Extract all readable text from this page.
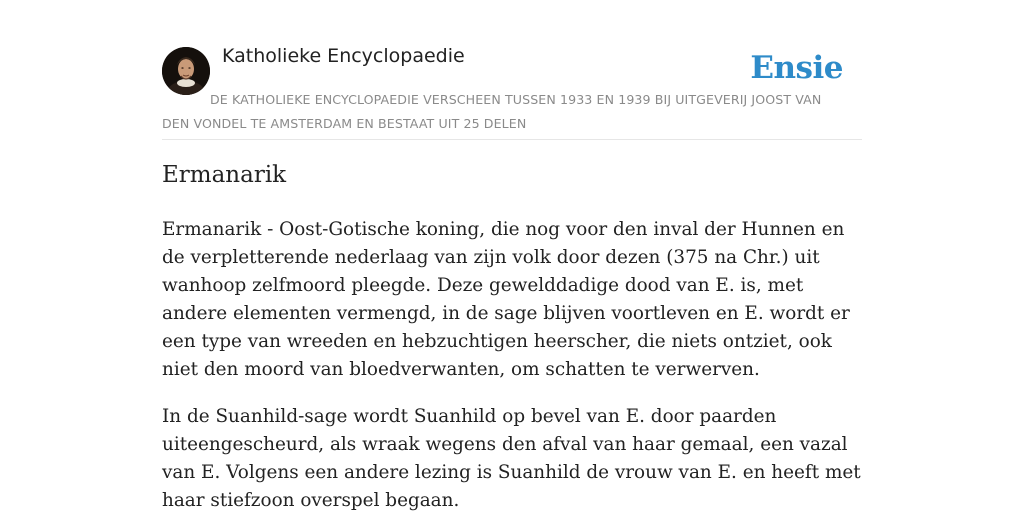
Katholieke Encyclopaedie	Ensie
DE KATHOLIEKE ENCYCLOPAEDIE VERSCHEEN TUSSEN 1933 EN 1939 BIJ UITGEVERIJ JOOST VAN DEN VONDEL TE AMSTERDAM EN BESTAAT UIT 25 DELEN
Ermanarik

Ermanarik - Oost-Gotische koning, die nog voor den inval der Hunnen en de verpletterende nederlaag van zijn volk door dezen (375 na Chr.) uit wanhoop zelfmoord pleegde. Deze gewelddadige dood van E. is, met andere elementen vermengd, in de sage blijven voortleven en E. wordt er een type van wreeden en hebzuchtigen heerscher, die niets ontziet, ook niet den moord van bloedverwanten, om schatten te verwerven.

In de Suanhild-sage wordt Suanhild op bevel van E. door paarden uiteengescheurd, als wraak wegens den afval van haar gemaal, een vazal van E. Volgens een andere lezing is Suanhild de vrouw van E. en heeft met haar stiefzoon overspel begaan.
